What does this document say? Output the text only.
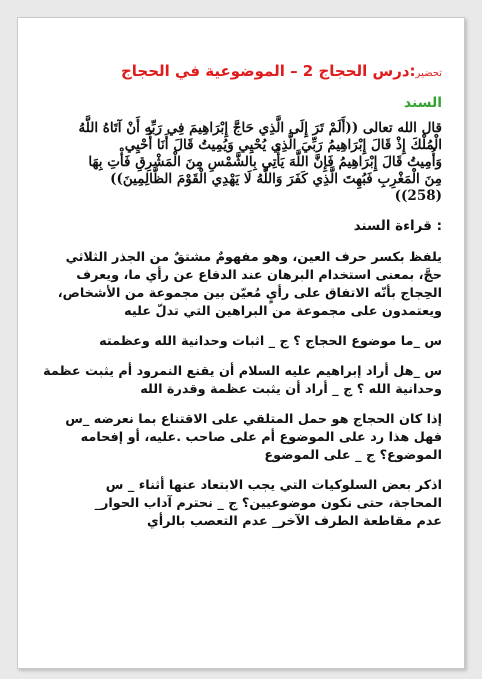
تحضير:درس الحجاج 2 – الموضوعية في الحجاج
السند
قال الله تعالى ((أَلَمْ تَرَ إِلَى الَّذِي حَاجَّ إِبْرَاهِيمَ فِي رَبِّهِ أَنْ آتَاهُ اللَّهُ
الْمُلْكَ إِذْ قَالَ إِبْرَاهِيمُ رَبِّيَ الَّذِي يُحْيِي وَيُمِيتُ قَالَ أَنَا أُحْيِي
وَأُمِيتُ قَالَ إِبْرَاهِيمُ فَإِنَّ اللَّهَ يَأْتِي بِالشَّمْسِ مِنَ الْمَشْرِقِ فَأْتِ بِهَا
مِنَ الْمَغْرِبِ فَبُهِتَ الَّذِي كَفَرَ وَاللَّهُ لَا يَهْدِي الْقَوْمَ الظَّالِمِينَ))
(258))
: قراءة السند
يلفظ بكسر حرف العين، وهو مفهومٌ مشتقٌ من الجذر الثلاثي
حجَّ، بمعنى استخدام البرهان عند الدفاع عن رأي ما، ويعرف
الحِجاج بأنّه الاتفاق على رأيٍ مُعيّن بين مجموعة من الأشخاص،
ويعتمدون على مجموعة من البراهين التي تدلّ عليه
س _ما موضوع الحجاج ؟ ج _ اثبات وحدانية الله وعظمته
س _هل أراد إبراهيم عليه السلام أن يقنع النمرود أم يثبت عظمة
وحدانية الله ؟ ج _ أراد أن يثبت عظمة وقدرة الله
إذا كان الحجاج هو حمل المتلقي على الاقتناع بما نعرضه _س
فهل هذا رد على الموضوع أم على صاحب .عليه، أو إفحامه
الموضوع؟ ج _ على الموضوع
اذكر بعض السلوكيات التي يجب الابتعاد عنها أثناء _ س
المحاجة، حتى نكون موضوعيين؟ ج _ نحترم آداب الحوار_
عدم مقاطعة الطرف الآخر_ عدم التعصب بالرأي
